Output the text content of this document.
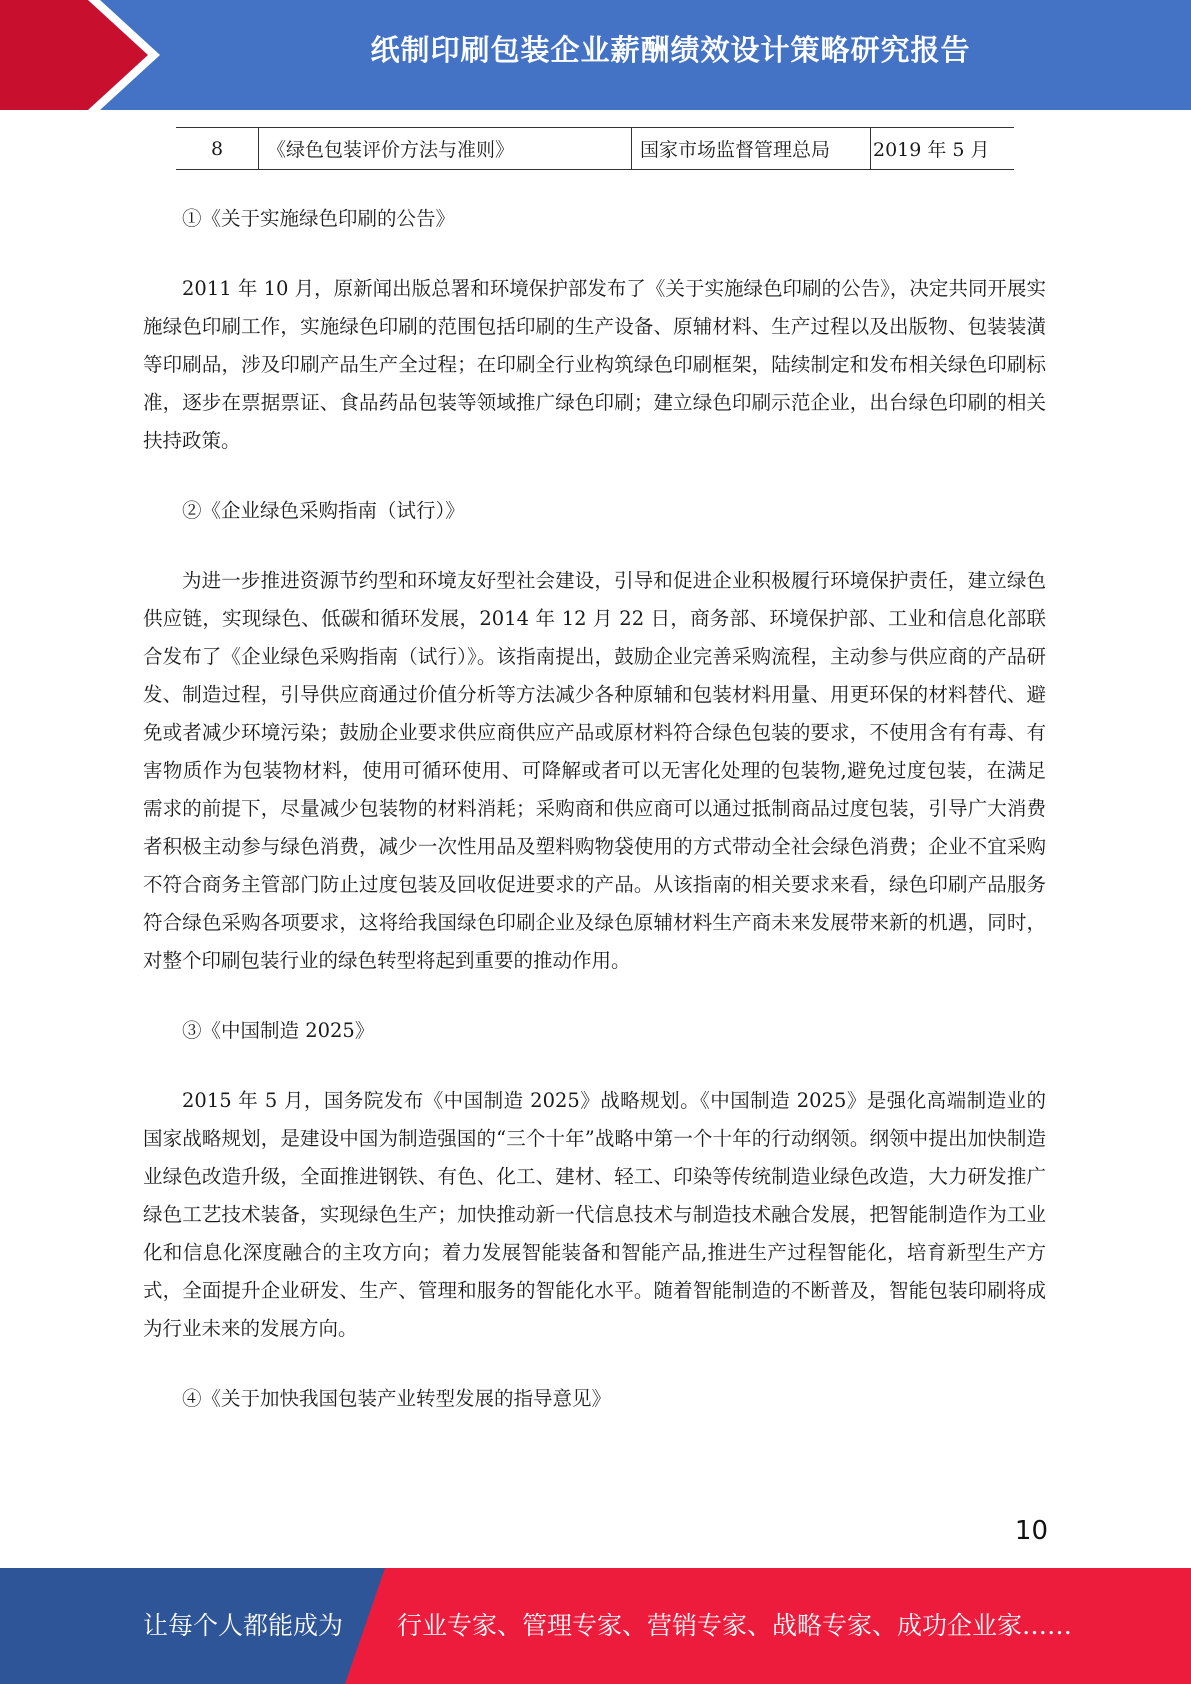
纸制印刷包装企业薪酬绩效设计策略研究报告
8	《绿色包装评价方法与准则》	国家市场监督管理总局	2019 年 5 月

①《关于实施绿色印刷的公告》

2011 年 10 月，原新闻出版总署和环境保护部发布了《关于实施绿色印刷的公告》，决定共同开展实施绿色印刷工作，实施绿色印刷的范围包括印刷的生产设备、原辅材料、生产过程以及出版物、包装装潢等印刷品，涉及印刷产品生产全过程；在印刷全行业构筑绿色印刷框架，陆续制定和发布相关绿色印刷标准，逐步在票据票证、食品药品包装等领域推广绿色印刷；建立绿色印刷示范企业，出台绿色印刷的相关扶持政策。

②《企业绿色采购指南（试行）》

为进一步推进资源节约型和环境友好型社会建设，引导和促进企业积极履行环境保护责任，建立绿色供应链，实现绿色、低碳和循环发展，2014 年 12 月 22 日，商务部、环境保护部、工业和信息化部联合发布了《企业绿色采购指南（试行）》。该指南提出，鼓励企业完善采购流程，主动参与供应商的产品研发、制造过程，引导供应商通过价值分析等方法减少各种原辅和包装材料用量、用更环保的材料替代、避免或者减少环境污染；鼓励企业要求供应商供应产品或原材料符合绿色包装的要求，不使用含有有毒、有害物质作为包装物材料，使用可循环使用、可降解或者可以无害化处理的包装物,避免过度包装，在满足需求的前提下，尽量减少包装物的材料消耗；采购商和供应商可以通过抵制商品过度包装，引导广大消费者积极主动参与绿色消费，减少一次性用品及塑料购物袋使用的方式带动全社会绿色消费；企业不宜采购不符合商务主管部门防止过度包装及回收促进要求的产品。从该指南的相关要求来看，绿色印刷产品服务符合绿色采购各项要求，这将给我国绿色印刷企业及绿色原辅材料生产商未来发展带来新的机遇，同时，对整个印刷包装行业的绿色转型将起到重要的推动作用。

③《中国制造 2025》

2015 年 5 月，国务院发布《中国制造 2025》战略规划。《中国制造 2025》是强化高端制造业的国家战略规划，是建设中国为制造强国的“三个十年”战略中第一个十年的行动纲领。纲领中提出加快制造业绿色改造升级，全面推进钢铁、有色、化工、建材、轻工、印染等传统制造业绿色改造，大力研发推广绿色工艺技术装备，实现绿色生产；加快推动新一代信息技术与制造技术融合发展，把智能制造作为工业化和信息化深度融合的主攻方向；着力发展智能装备和智能产品,推进生产过程智能化，培育新型生产方式，全面提升企业研发、生产、管理和服务的智能化水平。随着智能制造的不断普及，智能包装印刷将成为行业未来的发展方向。

④《关于加快我国包装产业转型发展的指导意见》

10
让每个人都能成为 行业专家、管理专家、营销专家、战略专家、成功企业家……
